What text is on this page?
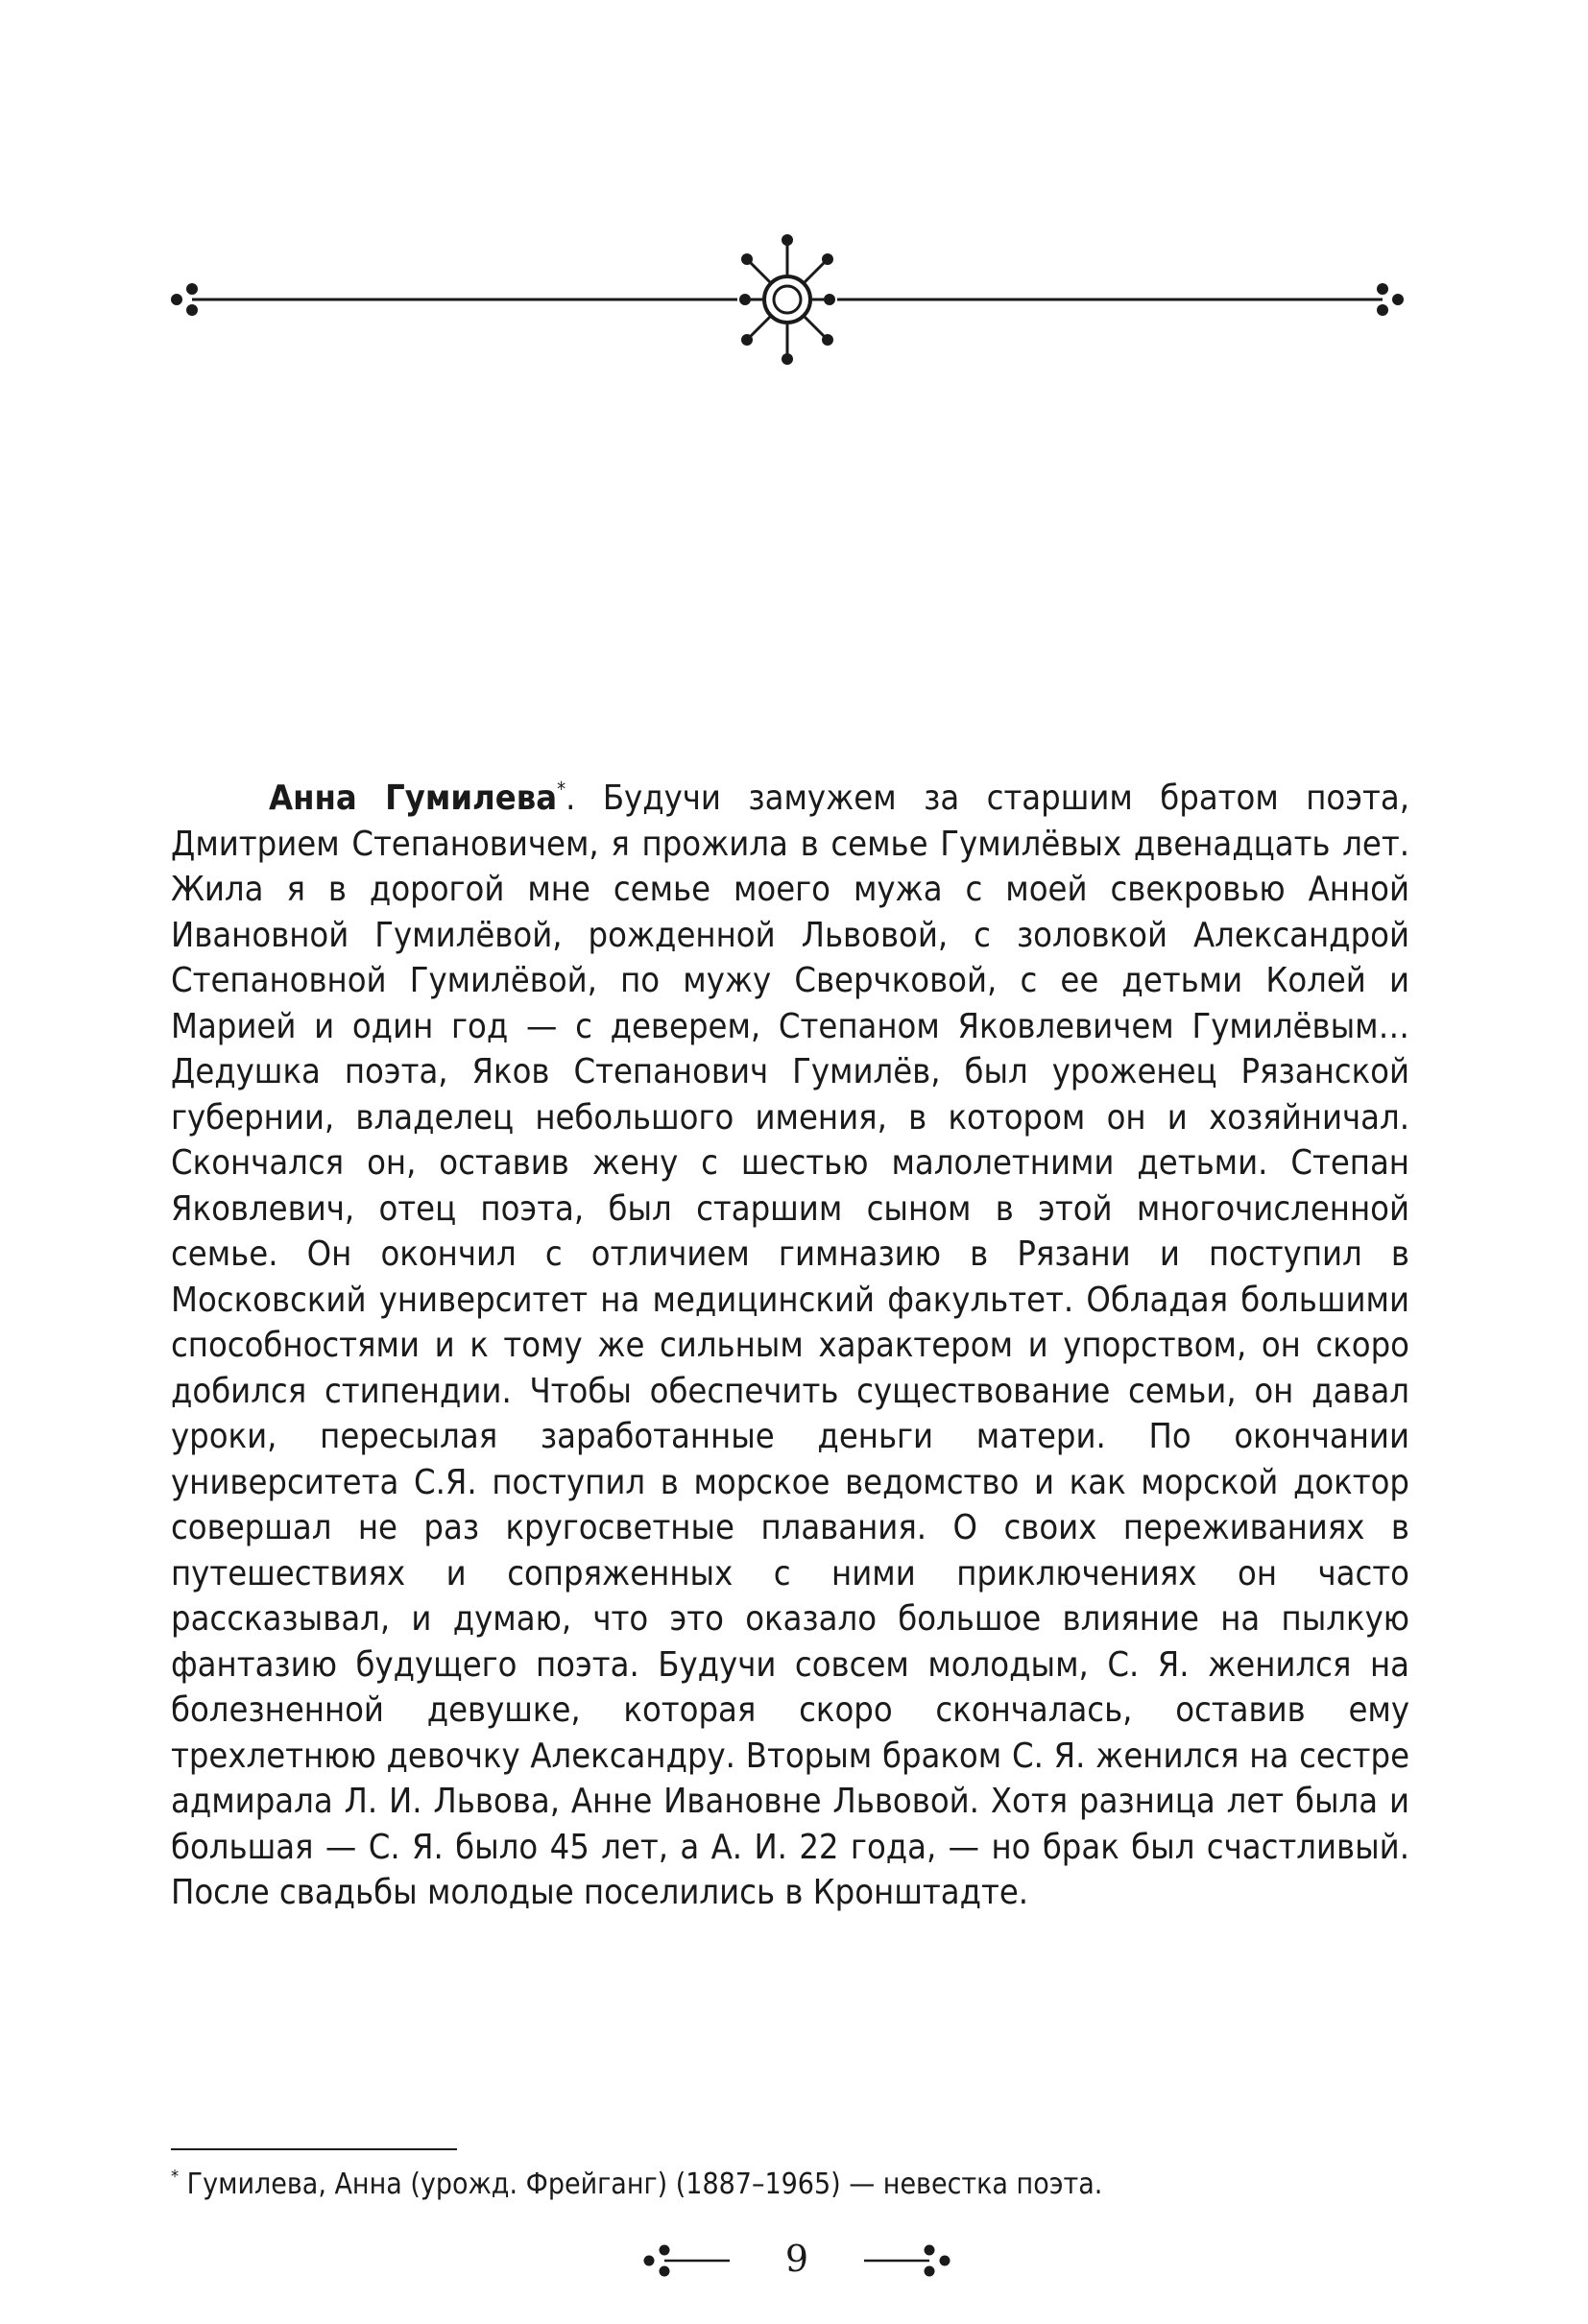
Анна Гумилева*. Будучи замужем за старшим братом поэта, Дмитрием Степановичем, я прожила в семье Гумилёвых двенадцать лет. Жила я в дорогой мне семье моего мужа с моей свекровью Анной Ивановной Гумилёвой, рожденной Львовой, с золовкой Александрой Степановной Гумилёвой, по мужу Сверчковой, с ее детьми Колей и Марией и один год — с деверем, Степаном Яковлевичем Гумилёвым… Дедушка поэта, Яков Степанович Гумилёв, был уроженец Рязанской губернии, владелец небольшого имения, в котором он и хозяйничал. Скончался он, оставив жену с шестью малолетними детьми. Степан Яковлевич, отец поэта, был старшим сыном в этой многочисленной семье. Он окончил с отличием гимназию в Рязани и поступил в Московский университет на медицинский факультет. Обладая большими способностями и к тому же сильным характером и упорством, он скоро добился стипендии. Чтобы обеспечить существование семьи, он давал уроки, пересылая заработанные деньги матери. По окончании университета С.Я. поступил в морское ведомство и как морской доктор совершал не раз кругосветные плавания. О своих переживаниях в путешествиях и сопряженных с ними приключениях он часто рассказывал, и думаю, что это оказало большое влияние на пылкую фантазию будущего поэта. Будучи совсем молодым, С. Я. женился на болезненной девушке, которая скоро скончалась, оставив ему трехлетнюю девочку Александру. Вторым браком С. Я. женился на сестре адмирала Л. И. Львова, Анне Ивановне Львовой. Хотя разница лет была и большая — С. Я. было 45 лет, а А. И. 22 года, — но брак был счастливый. После свадьбы молодые поселились в Кронштадте.

* Гумилева, Анна (урожд. Фрейганг) (1887–1965) — невестка поэта.

9
